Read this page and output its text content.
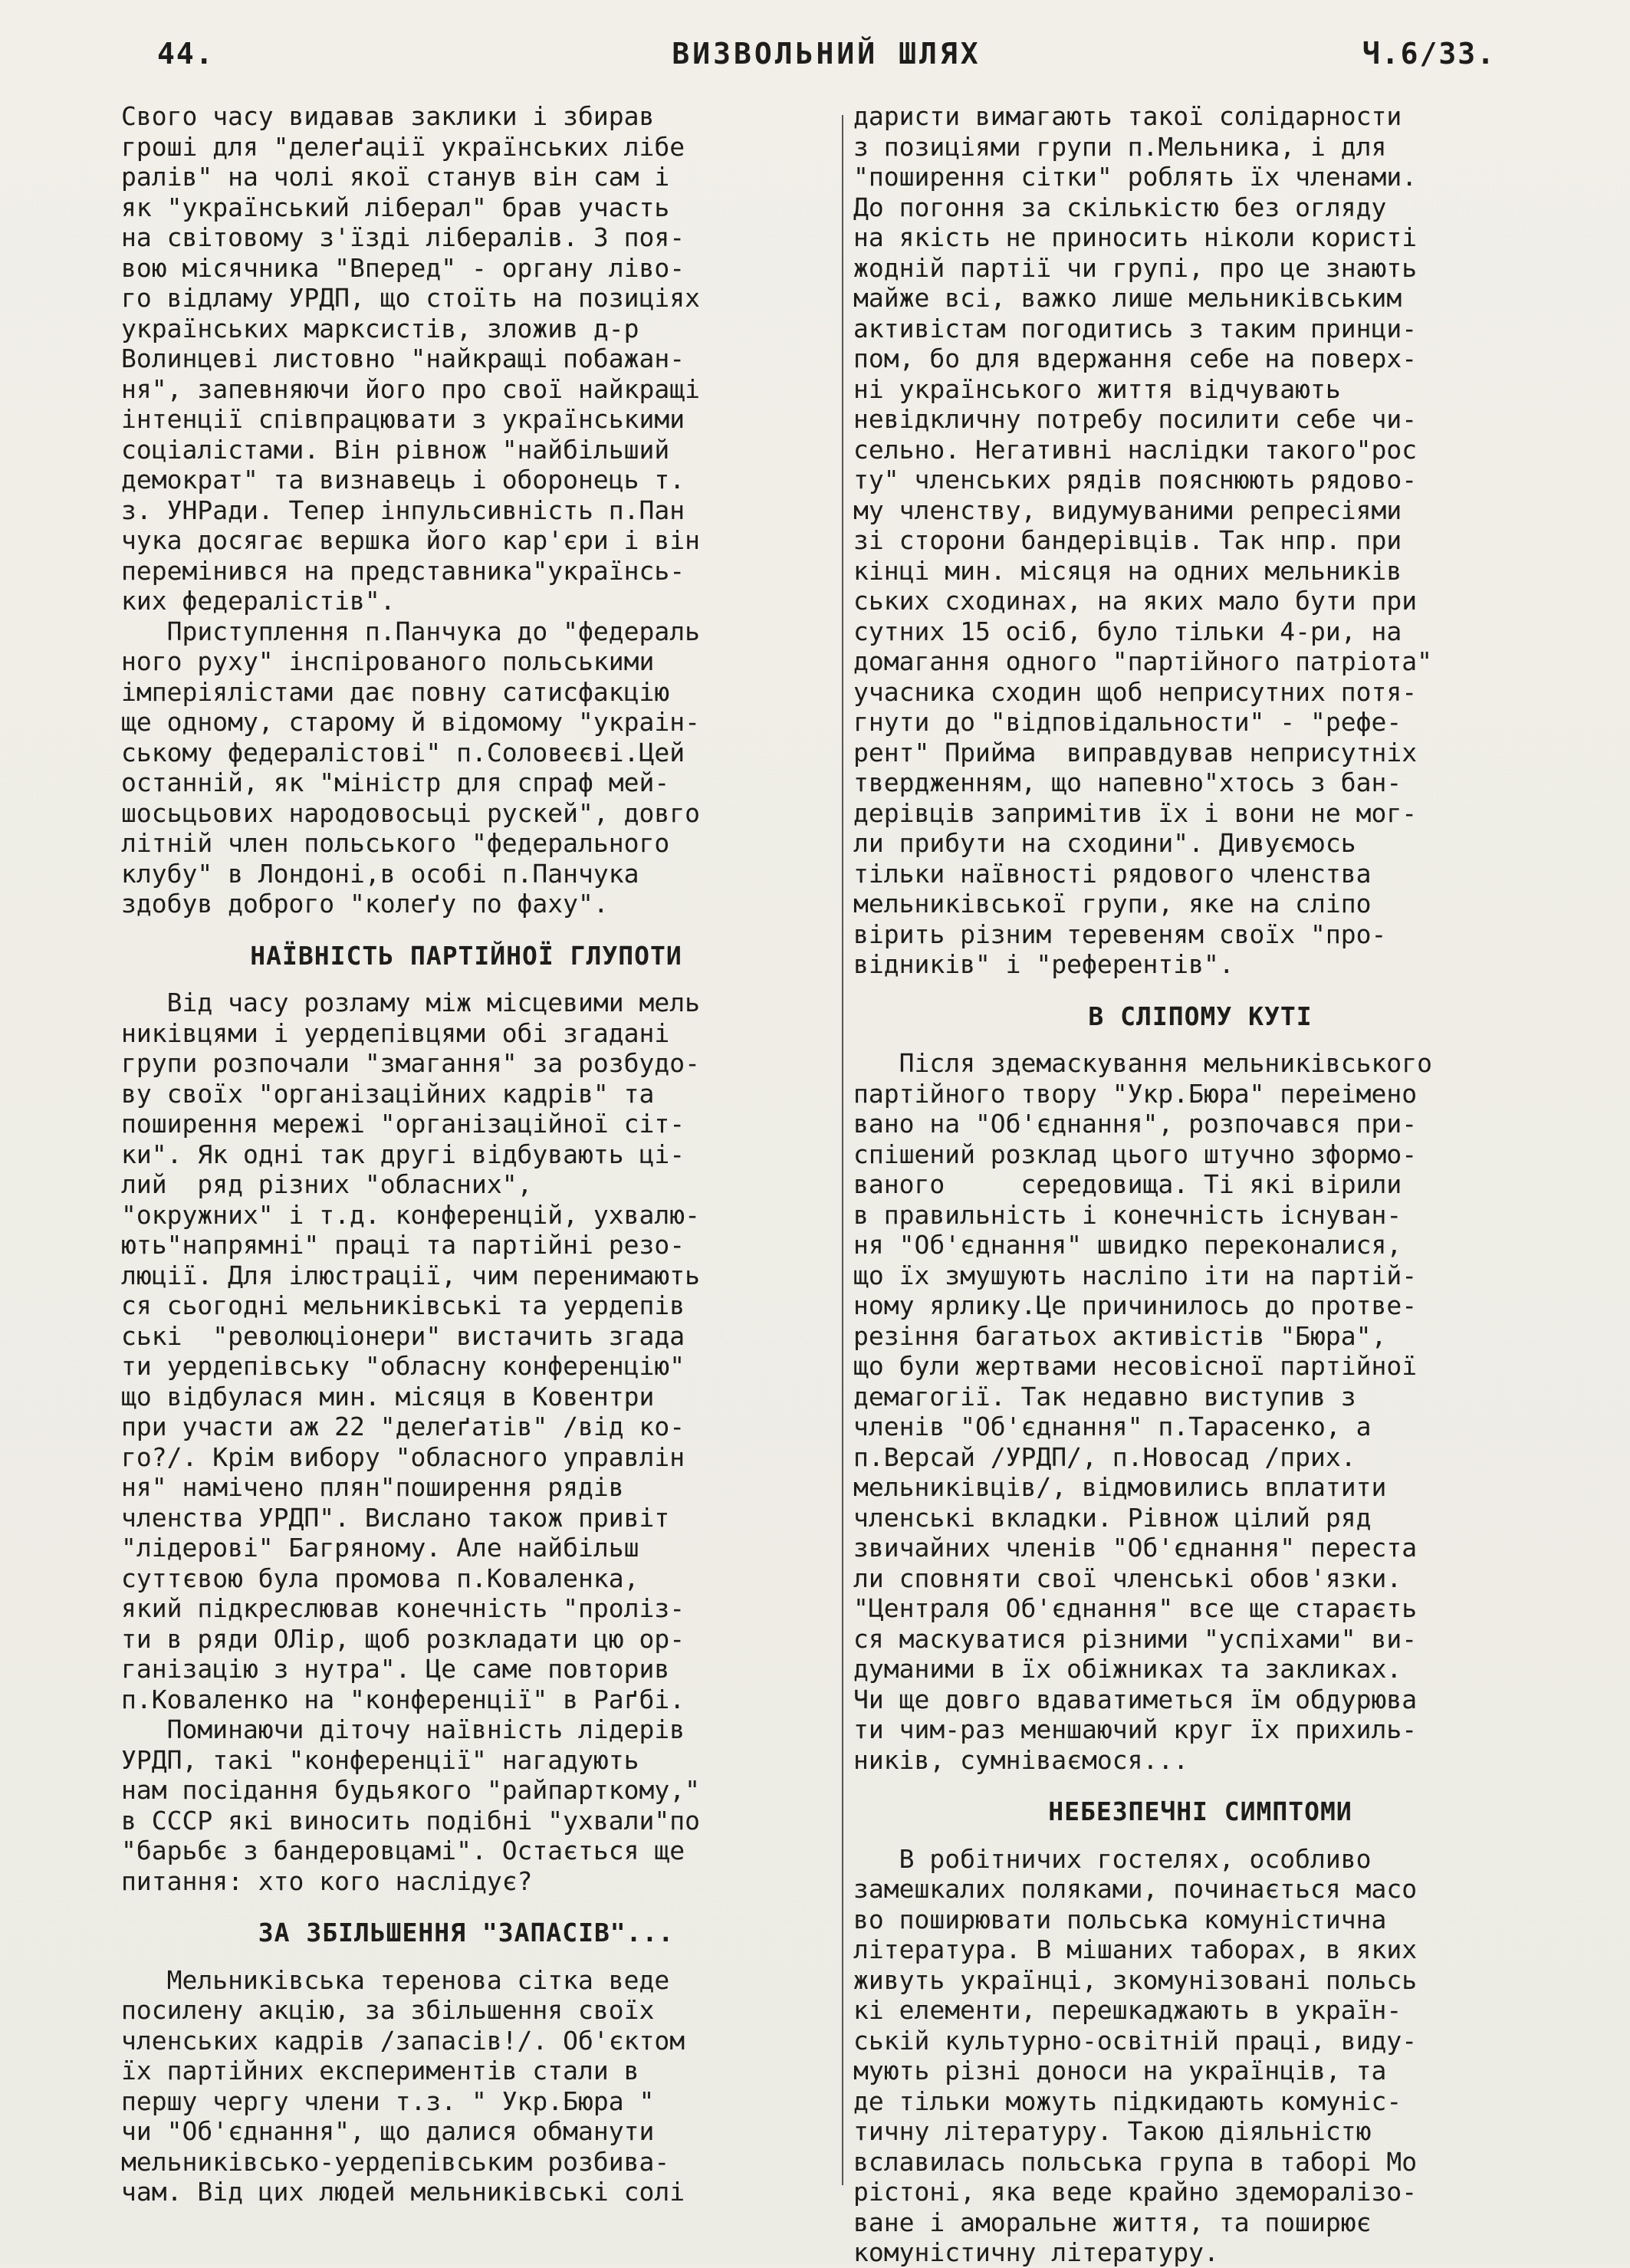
44.	ВИЗВОЛЬНИЙ ШЛЯХ	Ч.6/33.

Свого часу видавав заклики і збирав

гроші для "делеґації українських лібе

ралів" на чолі якої станув він сам і

як "український ліберал" брав участь

на світовому з'їзді лібералів. З поя-

вою місячника "Вперед" - органу ліво-

го відламу УРДП, що стоїть на позиціях

українських марксистів, зложив д-р

Волинцеві листовно "найкращі побажан-

ня", запевняючи його про свої найкращі

інтенції співпрацювати з українськими

соціалістами. Він рівнож "найбільший

демократ" та визнавець і оборонець т.

з. УНРади. Тепер інпульсивність п.Пан

чука досягає вершка його кар'єри і він

перемінився на представника"українсь-

ких федералістів".

Приступлення п.Панчука до "федераль

ного руху" інспірованого польськими

імперіялістами дає повну сатисфакцію

ще одному, старому й відомому "украін-

ському федералістові" п.Соловеєві.Цей

останній, як "міністр для спраф мей-

шосьцьових народовосьці рускей", довго

літній член польського "федерального

клубу" в Лондоні,в особі п.Панчука

здобув доброго "колеґу по фаху".

НАЇВНІСТЬ ПАРТІЙНОЇ ГЛУПОТИ

Від часу розламу між місцевими мель

никівцями і уердепівцями обі згадані

групи розпочали "змагання" за розбудо-

ву своїх "організаційних кадрів" та

поширення мережі "організаційної сіт-

ки". Як одні так другі відбувають ці-

лий  ряд різних "обласних",

"окружних" і т.д. конференцій, ухвалю-

ють"напрямні" праці та партійні резо-

люції. Для ілюстрації, чим перенимають

ся сьогодні мельниківські та уердепів

ські  "революціонери" вистачить згада

ти уердепівську "обласну конференцію"

що відбулася мин. місяця в Ковентри

при участи аж 22 "делеґатів" /від ко-

го?/. Крім вибору "обласного управлін

ня" намічено плян"поширення рядів

членства УРДП". Вислано також привіт

"лідерові" Багряному. Але найбільш

суттєвою була промова п.Коваленка,

який підкреслював конечність "проліз-

ти в ряди ОЛір, щоб розкладати цю ор-

ганізацію з нутра". Це саме повторив

п.Коваленко на "конференції" в Раґбі.

Поминаючи діточу наївність лідерів

УРДП, такі "конференції" нагадують

нам посідання будьякого "райпарткому,"

в СССР які виносить подібні "ухвали"по

"барьбє з бандеровцамі". Остається ще

питання: хто кого наслідує?

ЗА ЗБІЛЬШЕННЯ "ЗАПАСІВ"...

Мельниківська теренова сітка веде

посилену акцію, за збільшення своїх

членських кадрів /запасів!/. Об'єктом

їх партійних експериментів стали в

першу чергу члени т.з. " Укр.Бюра "

чи "Об'єднання", що далися обманути

мельниківсько-уердепівським розбива-

чам. Від цих людей мельниківські солі

дaристи вимагають такої солідарности

з позиціями групи п.Мельника, і для

"поширення сітки" роблять їх членами.

До погоння за скількістю без огляду

на якість не приносить ніколи користі

жодній партії чи групі, про це знають

майже всі, важко лише мельниківським

активістам погодитись з таким принци-

пом, бо для вдержання себе на поверх-

ні українського життя відчувають

невідкличну потребу посилити себе чи-

сельно. Негативні наслідки такого"рос

ту" членських рядів пояснюють рядово-

му членству, видумуваними репресіями

зі сторони бандерівців. Так нпр. при

кінці мин. місяця на одних мельників

ських сходинах, на яких мало бути при

сутних 15 осіб, було тільки 4-ри, на

домагання одного "партійного патріота"

учасника сходин щоб неприсутних потя-

гнути до "відповідальности" - "рефе-

рент" Прийма  виправдував неприсутніх

твердженням, що напевно"хтось з бан-

дерівців запримітив їх і вони не мог-

ли прибути на сходини". Дивуємось

тільки наївності рядового членства

мельниківської групи, яке на сліпо

вірить різним теревеням своїх "про-

відників" і "референтів".

В СЛІПОМУ КУТІ

Після здемаскування мельниківського

партійного твору "Укр.Бюра" переімено

вано на "Об'єднання", розпочався при-

спішений розклад цього штучно зформо-

ваного     середовища. Ті які вірили

в правильність і конечність існуван-

ня "Об'єднання" швидко переконалися,

що їх змушують насліпо іти на партій-

ному ярлику.Це причинилось до протве-

резіння багатьох активістів "Бюра",

що були жертвами несовісної партійної

демагогії. Так недавно виступив з

членів "Об'єднання" п.Тарасенко, а

п.Версай /УРДП/, п.Новосад /прих.

мельниківців/, відмовились вплатити

членські вкладки. Рівнож цілий ряд

звичайних членів "Об'єднання" переста

ли сповняти свої членські обов'язки.

"Централя Об'єднання" все ще старaєть

ся маскуватися різними "успіхами" ви-

думаними в їх обіжниках та закликах.

Чи ще довго вдаватиметься їм обдурюва

ти чим-раз меншаючий круг їх прихиль-

ників, сумніваємося...

НЕБЕЗПЕЧНІ СИМПТОМИ

В робітничих гостелях, особливо

замешкалих поляками, починається масо

во поширювати польська комуністична

література. В мішаних таборах, в яких

живуть українці, зкомунізовані польсь

кі елементи, перешкаджають в україн-

ській культурно-освітній праці, виду-

мують різні доноси на українців, та

де тільки можуть підкидають комуніс-

тичну літературу. Такою діяльністю

вславилась польська група в таборі Мо

рістоні, яка веде крайно здеморалізо-

ване і аморальне життя, та поширює

комуністичну літературу.
